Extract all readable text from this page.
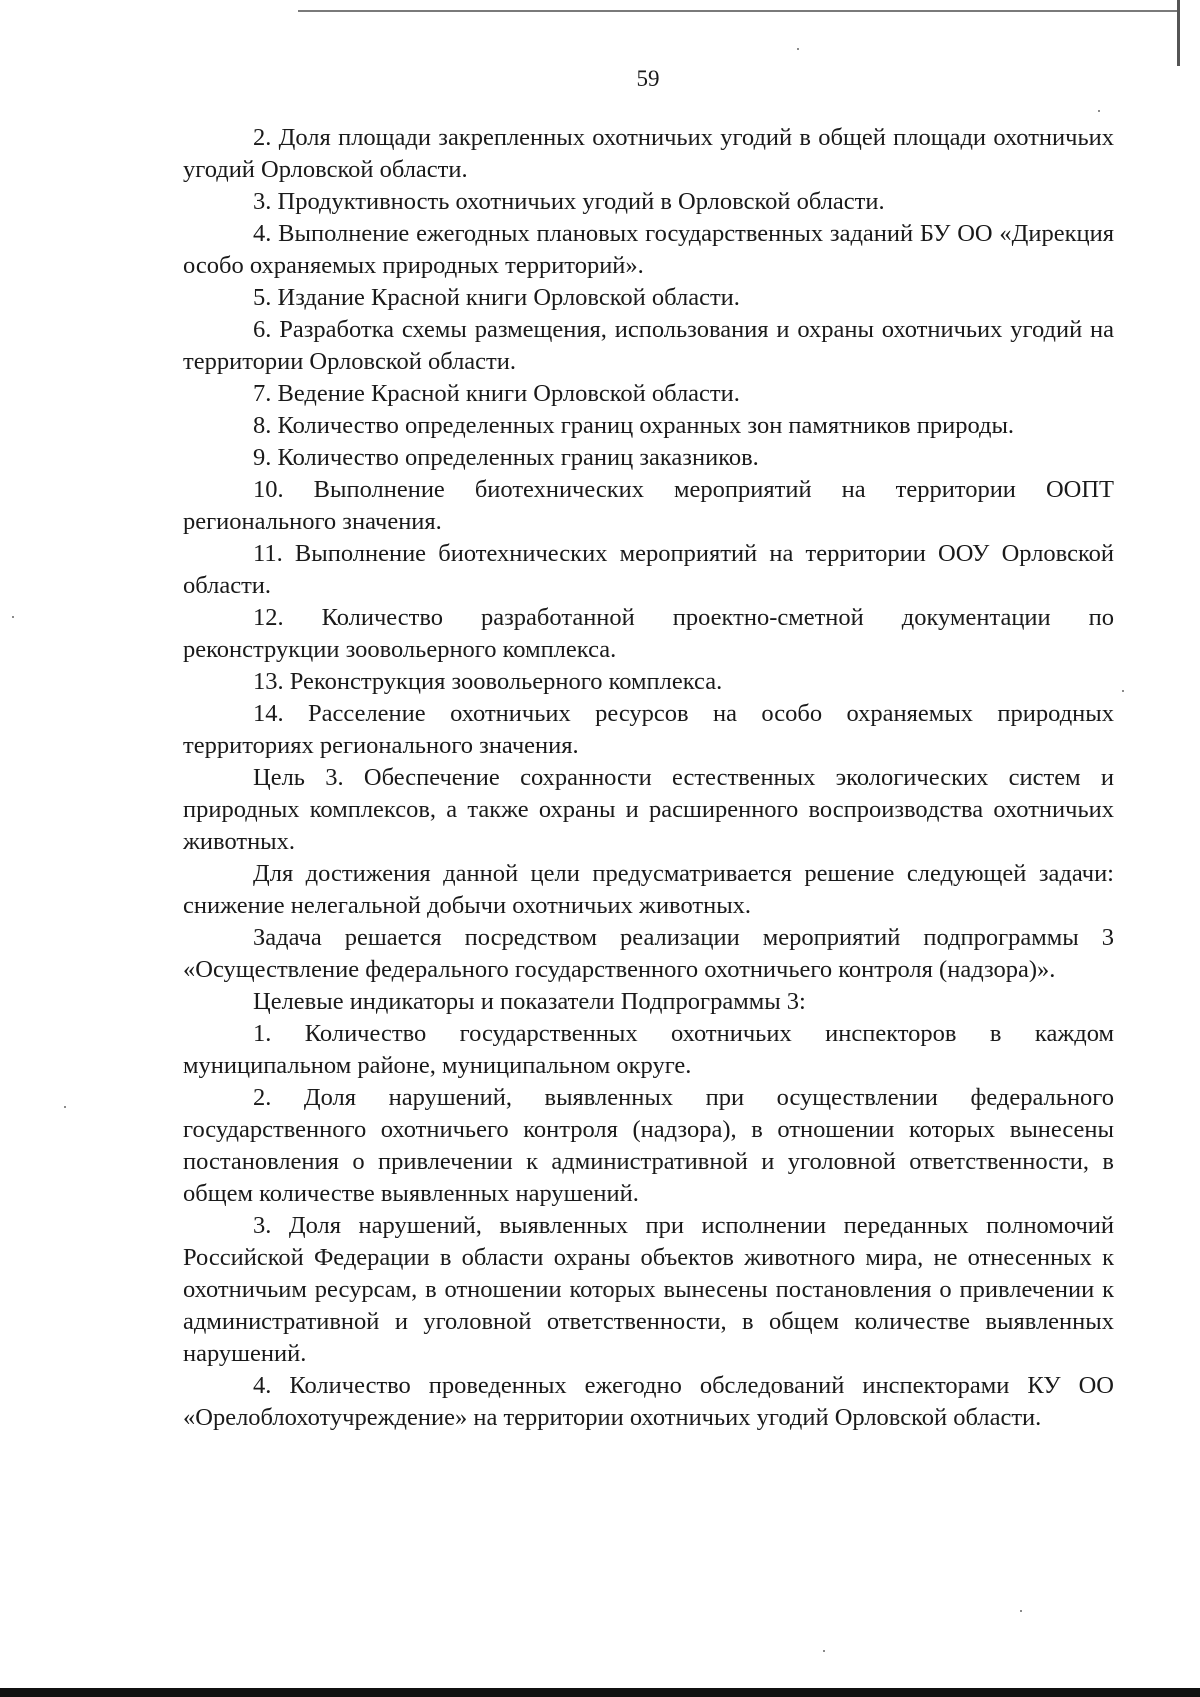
59

2. Доля площади закрепленных охотничьих угодий в общей площади охотничьих угодий Орловской области.

3. Продуктивность охотничьих угодий в Орловской области.

4. Выполнение ежегодных плановых государственных заданий БУ ОО «Дирекция особо охраняемых природных территорий».

5. Издание Красной книги Орловской области.

6. Разработка схемы размещения, использования и охраны охотничьих угодий на территории Орловской области.

7. Ведение Красной книги Орловской области.

8. Количество определенных границ охранных зон памятников природы.

9. Количество определенных границ заказников.

10. Выполнение биотехнических мероприятий на территории ООПТ регионального значения.

11. Выполнение биотехнических мероприятий на территории ООУ Орловской области.

12. Количество разработанной проектно-сметной документации по реконструкции зоовольерного комплекса.

13. Реконструкция зоовольерного комплекса.

14. Расселение охотничьих ресурсов на особо охраняемых природных территориях регионального значения.

Цель 3. Обеспечение сохранности естественных экологических систем и природных комплексов, а также охраны и расширенного воспроизводства охотничьих животных.

Для достижения данной цели предусматривается решение следующей задачи: снижение нелегальной добычи охотничьих животных.

Задача решается посредством реализации мероприятий подпрограммы 3 «Осуществление федерального государственного охотничьего контроля (надзора)».

Целевые индикаторы и показатели Подпрограммы 3:

1. Количество государственных охотничьих инспекторов в каждом муниципальном районе, муниципальном округе.

2. Доля нарушений, выявленных при осуществлении федерального государственного охотничьего контроля (надзора), в отношении которых вынесены постановления о привлечении к административной и уголовной ответственности, в общем количестве выявленных нарушений.

3. Доля нарушений, выявленных при исполнении переданных полномочий Российской Федерации в области охраны объектов животного мира, не отнесенных к охотничьим ресурсам, в отношении которых вынесены постановления о привлечении к административной и уголовной ответственности, в общем количестве выявленных нарушений.

4. Количество проведенных ежегодно обследований инспекторами КУ ОО «Орелоблохотучреждение» на территории охотничьих угодий Орловской области.
